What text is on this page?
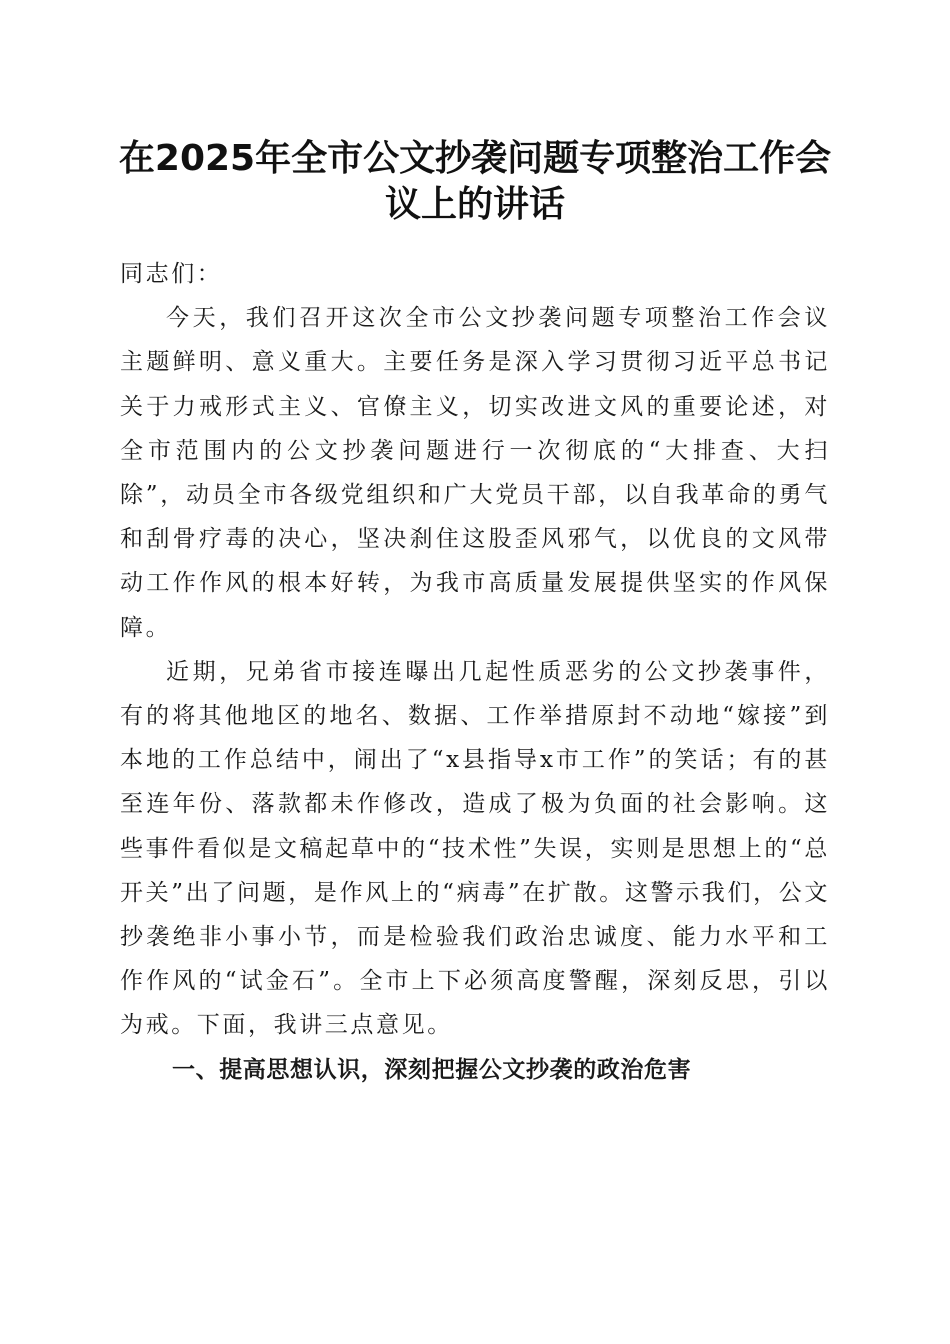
在2025年全市公文抄袭问题专项整治工作会
议上的讲话

同志们：

今天，我们召开这次全市公文抄袭问题专项整治工作会议主题鲜明、意义重大。主要任务是深入学习贯彻习近平总书记关于力戒形式主义、官僚主义，切实改进文风的重要论述，对全市范围内的公文抄袭问题进行一次彻底的“大排查、大扫除”，动员全市各级党组织和广大党员干部，以自我革命的勇气和刮骨疗毒的决心，坚决刹住这股歪风邪气，以优良的文风带动工作作风的根本好转，为我市高质量发展提供坚实的作风保障。

近期，兄弟省市接连曝出几起性质恶劣的公文抄袭事件，有的将其他地区的地名、数据、工作举措原封不动地“嫁接”到本地的工作总结中，闹出了“x县指导x市工作”的笑话；有的甚至连年份、落款都未作修改，造成了极为负面的社会影响。这些事件看似是文稿起草中的“技术性”失误，实则是思想上的“总开关”出了问题，是作风上的“病毒”在扩散。这警示我们，公文抄袭绝非小事小节，而是检验我们政治忠诚度、能力水平和工作作风的“试金石”。全市上下必须高度警醒，深刻反思，引以为戒。下面，我讲三点意见。

一、提高思想认识，深刻把握公文抄袭的政治危害
